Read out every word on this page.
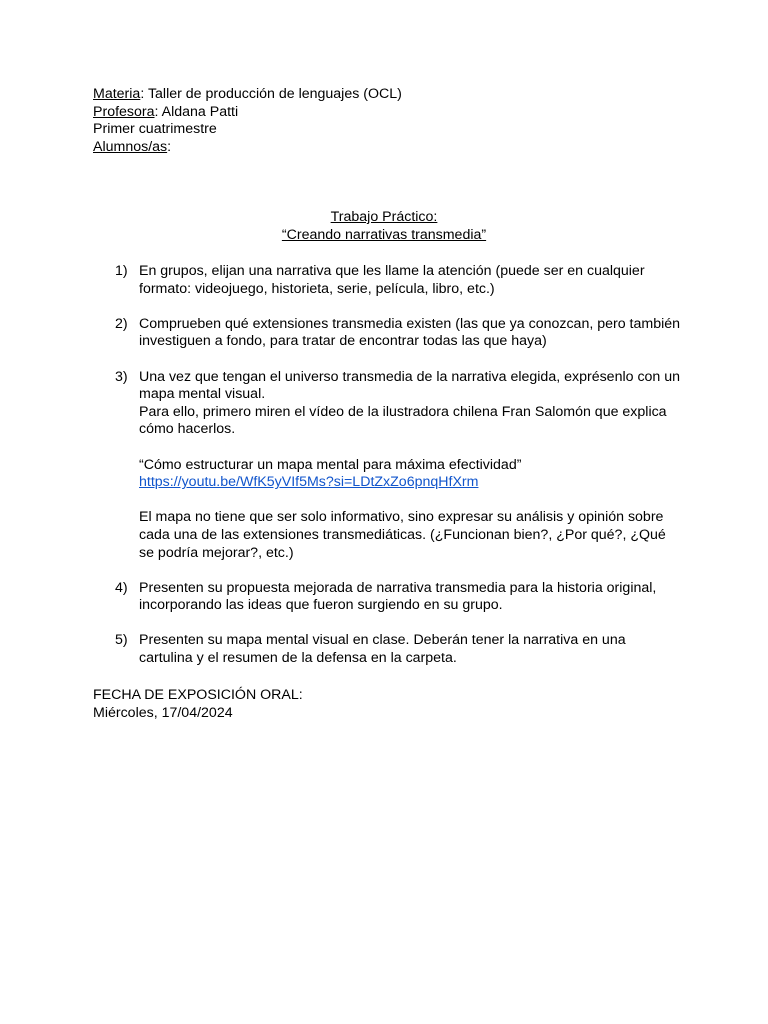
Materia: Taller de producción de lenguajes (OCL)
Profesora: Aldana Patti
Primer cuatrimestre
Alumnos/as:
Trabajo Práctico:
“Creando narrativas transmedia”
1) En grupos, elijan una narrativa que les llame la atención (puede ser en cualquier formato: videojuego, historieta, serie, película, libro, etc.)
2) Comprueben qué extensiones transmedia existen (las que ya conozcan, pero también investiguen a fondo, para tratar de encontrar todas las que haya)
3) Una vez que tengan el universo transmedia de la narrativa elegida, exprésenlo con un mapa mental visual.
Para ello, primero miren el vídeo de la ilustradora chilena Fran Salomón que explica cómo hacerlos.
“Cómo estructurar un mapa mental para máxima efectividad”
https://youtu.be/WfK5yVIf5Ms?si=LDtZxZo6pnqHfXrm
El mapa no tiene que ser solo informativo, sino expresar su análisis y opinión sobre cada una de las extensiones transmediáticas. (¿Funcionan bien?, ¿Por qué?, ¿Qué se podría mejorar?, etc.)
4) Presenten su propuesta mejorada de narrativa transmedia para la historia original, incorporando las ideas que fueron surgiendo en su grupo.
5) Presenten su mapa mental visual en clase. Deberán tener la narrativa en una cartulina y el resumen de la defensa en la carpeta.
FECHA DE EXPOSICIÓN ORAL:
Miércoles, 17/04/2024
